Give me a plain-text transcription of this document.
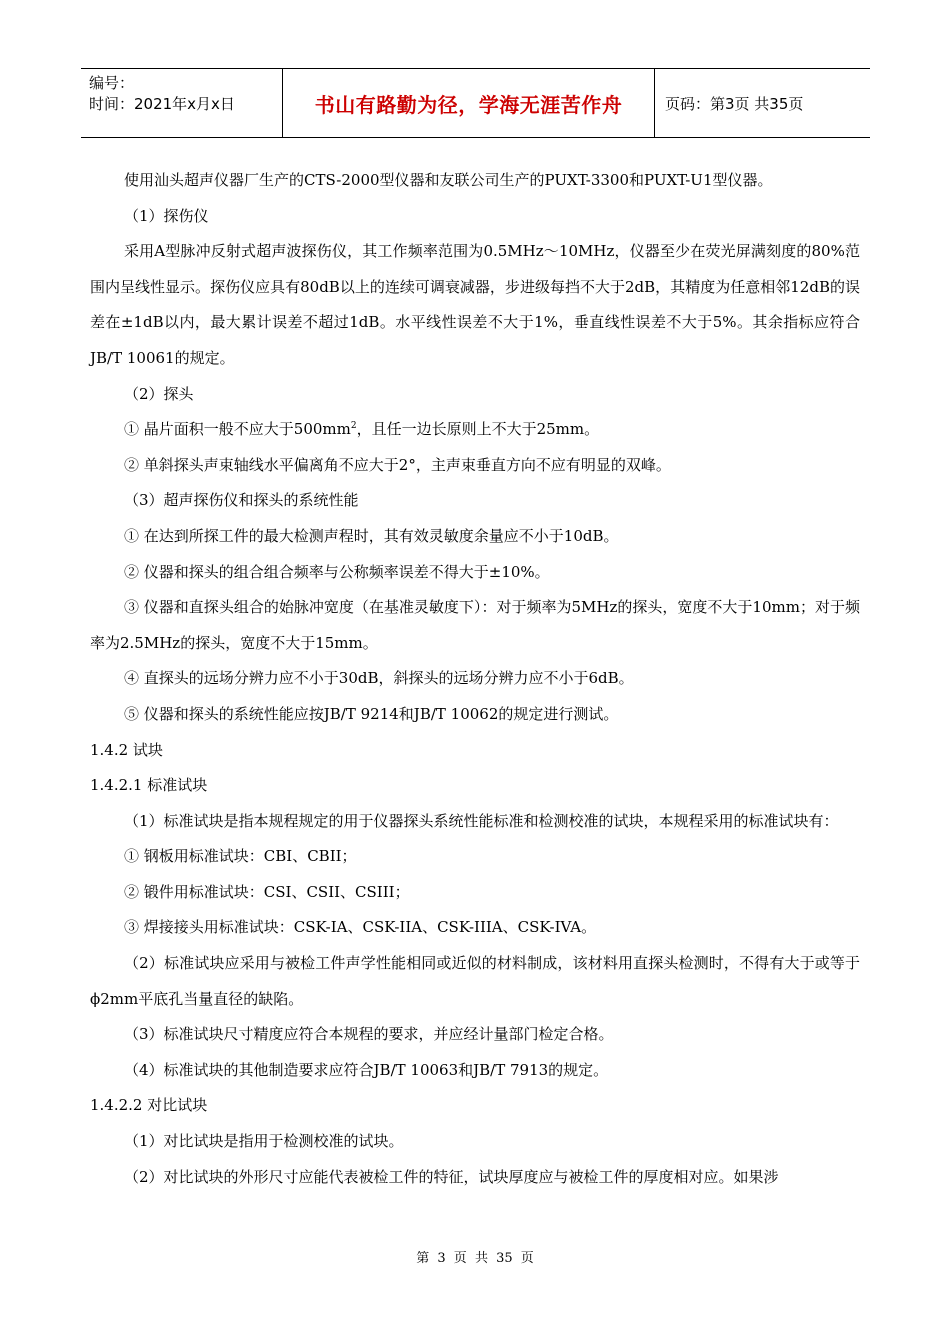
编号：
时间：2021年x月x日	书山有路勤为径，学海无涯苦作舟	页码：第3页 共35页

使用汕头超声仪器厂生产的CTS-2000型仪器和友联公司生产的PUXT-3300和PUXT-U1型仪器。

（1）探伤仪

采用A型脉冲反射式超声波探伤仪，其工作频率范围为0.5MHz～10MHz，仪器至少在荧光屏满刻度的80%范围内呈线性显示。探伤仪应具有80dB以上的连续可调衰减器，步进级每挡不大于2dB，其精度为任意相邻12dB的误差在±1dB以内，最大累计误差不超过1dB。水平线性误差不大于1%，垂直线性误差不大于5%。其余指标应符合JB/T 10061的规定。

（2）探头

① 晶片面积一般不应大于$500mm^2$，且任一边长原则上不大于25mm。

② 单斜探头声束轴线水平偏离角不应大于2°，主声束垂直方向不应有明显的双峰。

（3）超声探伤仪和探头的系统性能

① 在达到所探工件的最大检测声程时，其有效灵敏度余量应不小于10dB。

② 仪器和探头的组合组合频率与公称频率误差不得大于±10%。

③ 仪器和直探头组合的始脉冲宽度（在基准灵敏度下）：对于频率为5MHz的探头，宽度不大于10mm；对于频率为2.5MHz的探头，宽度不大于15mm。

④ 直探头的远场分辨力应不小于30dB，斜探头的远场分辨力应不小于6dB。

⑤ 仪器和探头的系统性能应按JB/T 9214和JB/T 10062的规定进行测试。

1.4.2 试块

1.4.2.1 标准试块

（1）标准试块是指本规程规定的用于仪器探头系统性能标准和检测校准的试块，本规程采用的标准试块有：

① 钢板用标准试块：CBI、CBII；

② 锻件用标准试块：CSI、CSII、CSIII；

③ 焊接接头用标准试块：CSK-IA、CSK-IIA、CSK-IIIA、CSK-IVA。

（2）标准试块应采用与被检工件声学性能相同或近似的材料制成，该材料用直探头检测时，不得有大于或等于 ϕ2mm平底孔当量直径的缺陷。

（3）标准试块尺寸精度应符合本规程的要求，并应经计量部门检定合格。

（4）标准试块的其他制造要求应符合JB/T 10063和JB/T 7913的规定。

1.4.2.2 对比试块

（1）对比试块是指用于检测校准的试块。

（2）对比试块的外形尺寸应能代表被检工件的特征，试块厚度应与被检工件的厚度相对应。如果涉

第 3 页 共 35 页
